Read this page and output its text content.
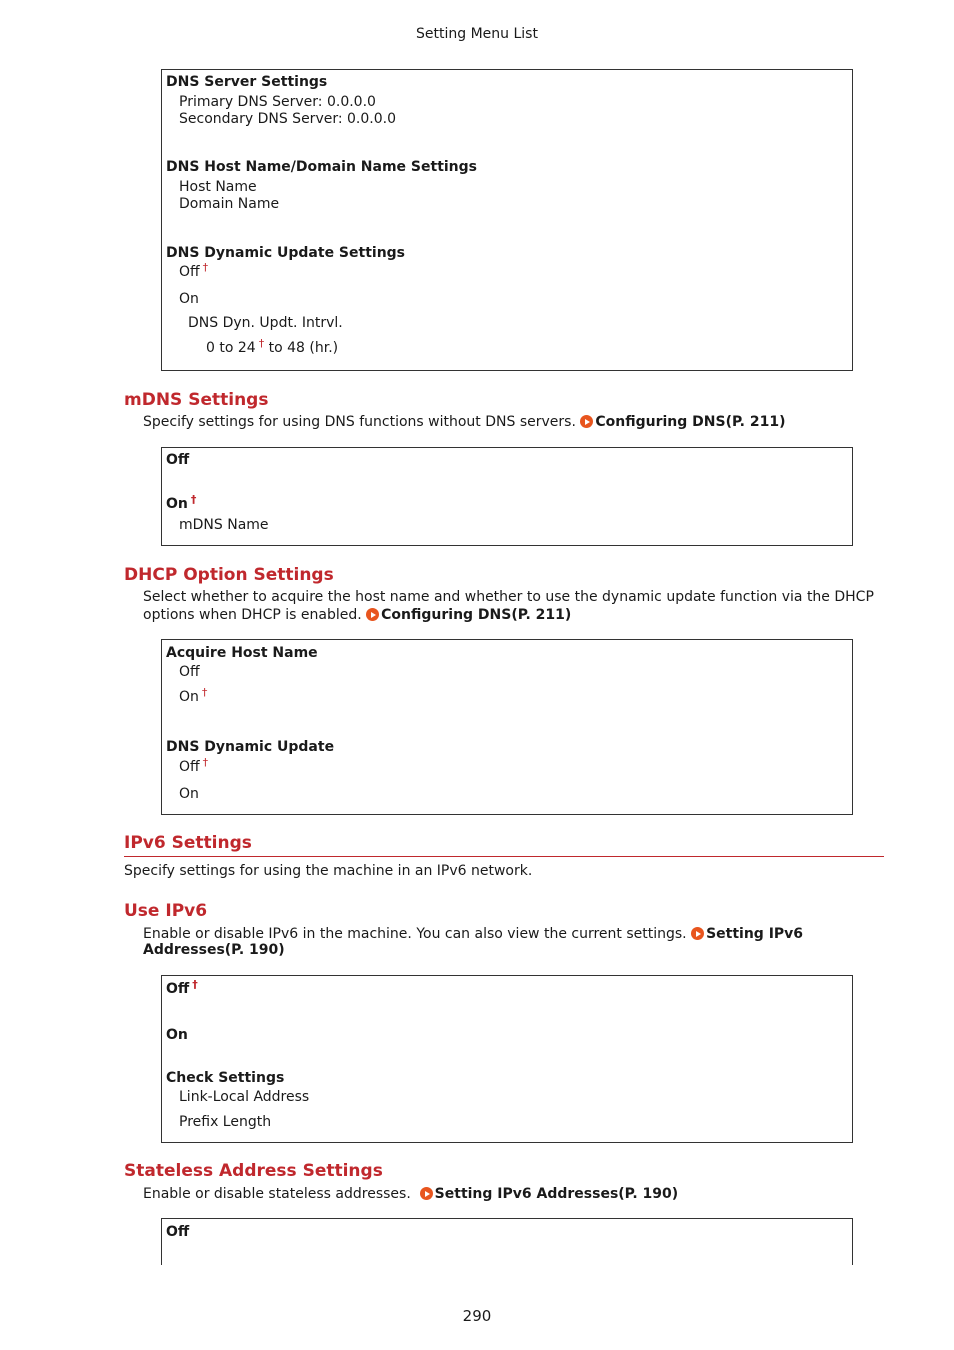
Setting Menu List
DNS Server Settings
Primary DNS Server: 0.0.0.0
Secondary DNS Server: 0.0.0.0
DNS Host Name/Domain Name Settings
Host Name
Domain Name
DNS Dynamic Update Settings
Off †
On
DNS Dyn. Updt. Intrvl.
0 to 24 † to 48 (hr.)
mDNS Settings
Specify settings for using DNS functions without DNS servers. Configuring DNS(P. 211)
Off
On †
mDNS Name
DHCP Option Settings
Select whether to acquire the host name and whether to use the dynamic update function via the DHCP
options when DHCP is enabled. Configuring DNS(P. 211)
Acquire Host Name
Off
On †
DNS Dynamic Update
Off †
On
IPv6 Settings
Specify settings for using the machine in an IPv6 network.
Use IPv6
Enable or disable IPv6 in the machine. You can also view the current settings. Setting IPv6
Addresses(P. 190)
Off †
On
Check Settings
Link-Local Address
Prefix Length
Stateless Address Settings
Enable or disable stateless addresses. Setting IPv6 Addresses(P. 190)
Off
290
